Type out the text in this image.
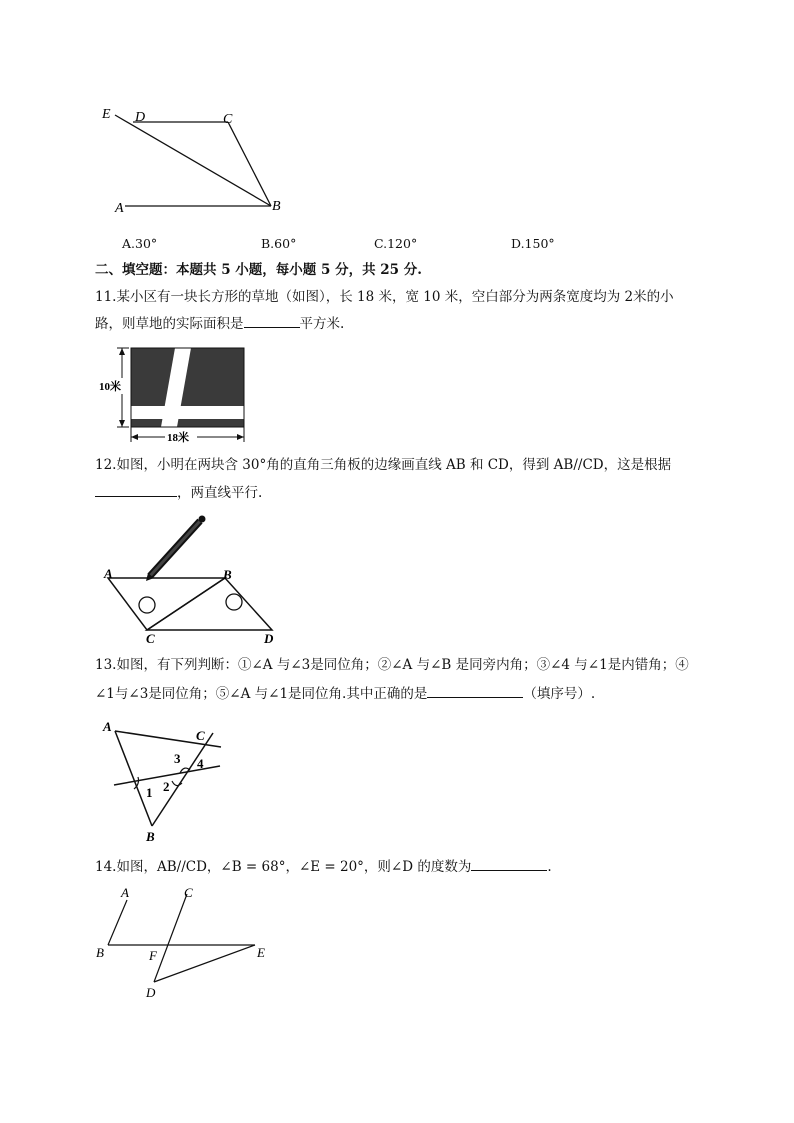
E D	C
A	B
A.30°	B.60°	C.120°	D.150°
二、填空题：本题共 5 小题，每小题 5 分，共 25 分.
11.某小区有一块长方形的草地（如图），长 18 米，宽 10 米，空白部分为两条宽度均为 2米的小
路，则草地的实际面积是	平方米.
10米
18米
12.如图，小明在两块含 30°角的直角三角板的边缘画直线 AB 和 CD，得到 AB//CD，这是根据
，两直线平行.
A	B
C	D
13.如图，有下列判断：①∠A 与∠3是同位角；②∠A 与∠B 是同旁内角；③∠4 与∠1是内错角；④
∠1与∠3是同位角；⑤∠A 与∠1是同位角.其中正确的是	（填序号）.
A
C
B
1 2
3 4
14.如图，AB//CD，∠B = 68°，∠E = 20°，则∠D 的度数为	.
A	C
B	F	E
D
